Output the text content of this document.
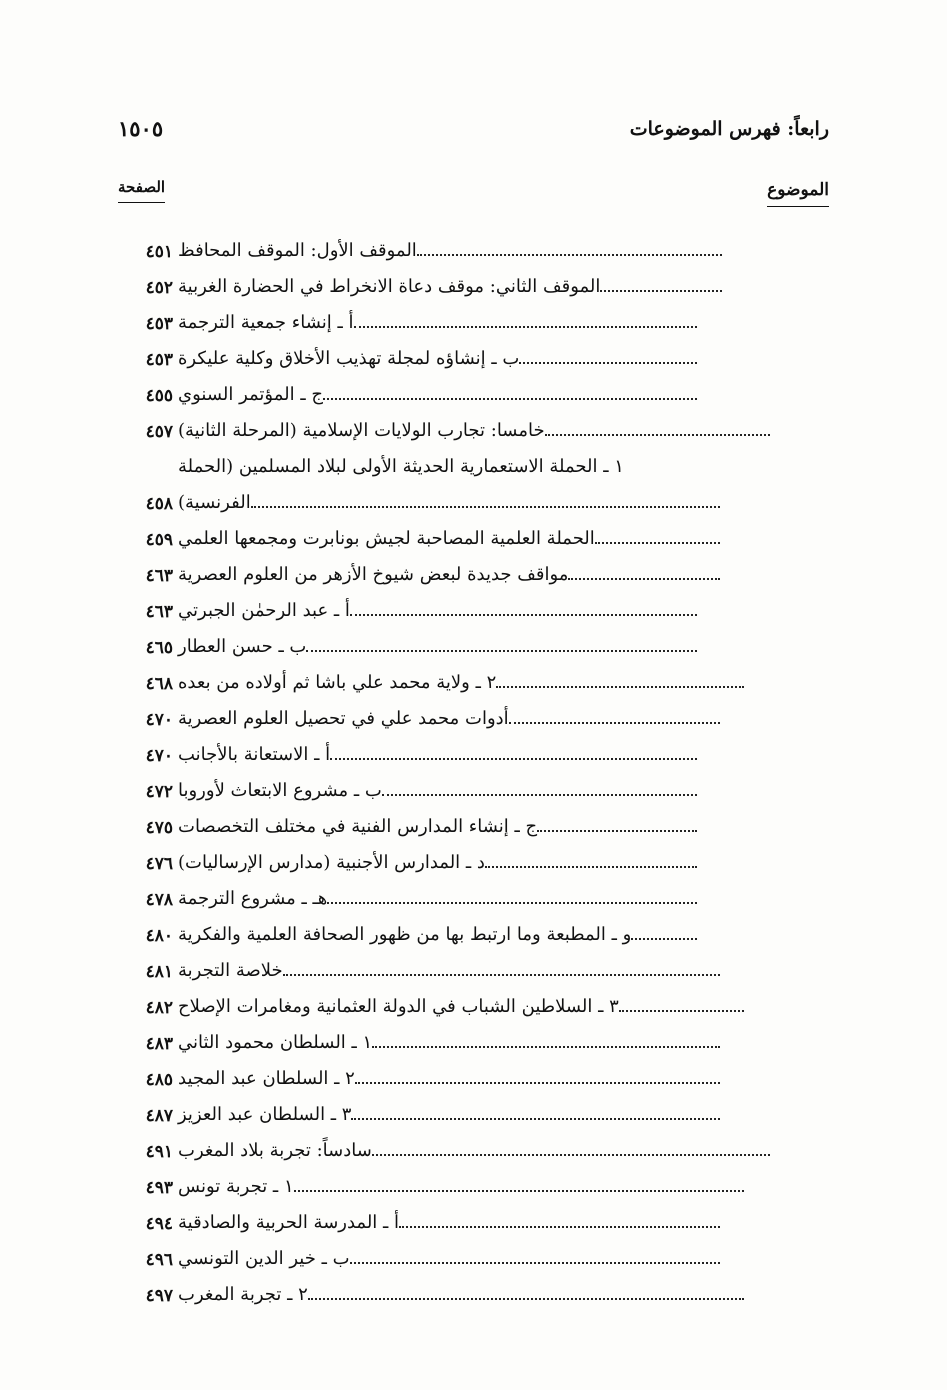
رابعاً: فهرس الموضوعات
١٥٠٥
الموضوع
الصفحة
الموقف الأول: الموقف المحافظ
٤٥١
الموقف الثاني: موقف دعاة الانخراط في الحضارة الغربية
٤٥٢
أ ـ إنشاء جمعية الترجمة
٤٥٣
ب ـ إنشاؤه لمجلة تهذيب الأخلاق وكلية عليكرة
٤٥٣
ج ـ المؤتمر السنوي
٤٥٥
خامسا: تجارب الولايات الإسلامية (المرحلة الثانية)
٤٥٧
١ ـ الحملة الاستعمارية الحديثة الأولى لبلاد المسلمين (الحملة
الفرنسية)
٤٥٨
الحملة العلمية المصاحبة لجيش بونابرت ومجمعها العلمي
٤٥٩
مواقف جديدة لبعض شيوخ الأزهر من العلوم العصرية
٤٦٣
أ ـ عبد الرحمٰن الجبرتي
٤٦٣
ب ـ حسن العطار
٤٦٥
٢ ـ ولاية محمد علي باشا ثم أولاده من بعده
٤٦٨
أدوات محمد علي في تحصيل العلوم العصرية
٤٧٠
أ ـ الاستعانة بالأجانب
٤٧٠
ب ـ مشروع الابتعاث لأوروبا
٤٧٢
ج ـ إنشاء المدارس الفنية في مختلف التخصصات
٤٧٥
د ـ المدارس الأجنبية (مدارس الإرساليات)
٤٧٦
هـ ـ مشروع الترجمة
٤٧٨
و ـ المطبعة وما ارتبط بها من ظهور الصحافة العلمية والفكرية
٤٨٠
خلاصة التجربة
٤٨١
٣ ـ السلاطين الشباب في الدولة العثمانية ومغامرات الإصلاح
٤٨٢
١ ـ السلطان محمود الثاني
٤٨٣
٢ ـ السلطان عبد المجيد
٤٨٥
٣ ـ السلطان عبد العزيز
٤٨٧
سادساً: تجربة بلاد المغرب
٤٩١
١ ـ تجربة تونس
٤٩٣
أ ـ المدرسة الحربية والصادقية
٤٩٤
ب ـ خير الدين التونسي
٤٩٦
٢ ـ تجربة المغرب
٤٩٧
